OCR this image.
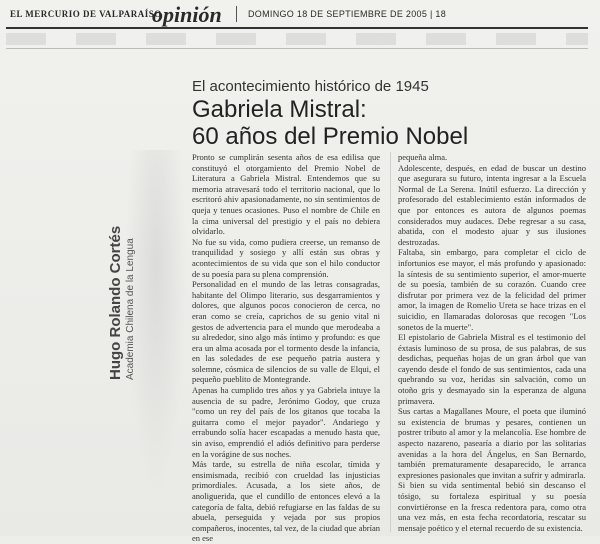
EL MERCURIO DE VALPARAÍSO
opinión	DOMINGO 18 DE SEPTIEMBRE DE 2005 | 18
El acontecimiento histórico de 1945
Gabriela Mistral:
60 años del Premio Nobel
Hugo Rolando Cortés Academia Chilena de la Lengua

Pronto se cumplirán sesenta años de esa edilisa que constituyó el otorgamiento del Premio Nobel de Literatura a Gabriela Mistral. Entendemos que su memoria atravesará todo el territorio nacional, que lo escritoró ahiv apasionadamente, no sin sentimientos de queja y tenues ocasiones. Puso el nombre de Chile en la cima universal del prestigio y el país no debiera olvidarlo.

No fue su vida, como pudiera creerse, un remanso de tranquilidad y sosiego y allí están sus obras y acontecimientos de su vida que son el hilo conductor de su poesía para su plena comprensión.

Personalidad en el mundo de las letras consagradas, habitante del Olimpo literario, sus desgarramientos y dolores, que algunos pocos conocieron de cerca, no eran como se creía, caprichos de su genio vital ni gestos de advertencia para el mundo que merodeaba a su alrededor, sino algo más íntimo y profundo: es que era un alma acosada por el tormento desde la infancia, en las soledades de ese pequeño patria austera y solemne, cósmica de silencios de su valle de Elqui, el pequeño pueblito de Montegrande.

Apenas ha cumplido tres años y ya Gabriela intuye la ausencia de su padre, Jerónimo Godoy, que cruza "como un rey del país de los gitanos que tocaba la guitarra como el mejor payador". Andariego y errabundo solía hacer escapadas a menudo hasta que, sin aviso, emprendió el adiós definitivo para perderse en la vorágine de sus noches.

Más tarde, su estrella de niña escolar, tímida y ensimismada, recibió con crueldad las injusticias primordiales. Acusada, a los siete años, de anoliguerida, que el cundillo de entonces elevó a la categoría de falta, debió refugiarse en las faldas de su abuela, perseguida y vejada por sus propios compañeros, inocentes, tal vez, de la ciudad que abrían en ese

pequeña alma.

Adolescente, después, en edad de buscar un destino que asegurara su futuro, intenta ingresar a la Escuela Normal de La Serena. Inútil esfuerzo. La dirección y profesorado del establecimiento están informados de que por entonces es autora de algunos poemas considerados muy audaces. Debe regresar a su casa, abatida, con el modesto ajuar y sus ilusiones destrozadas.

Faltaba, sin embargo, para completar el ciclo de infortunios ese mayor, el más profundo y apasionado: la síntesis de su sentimiento superior, el amor-muerte de su poesía, también de su corazón. Cuando cree disfrutar por primera vez de la felicidad del primer amor, la imagen de Romelio Ureta se hace trizas en el suicidio, en llamaradas dolorosas que recogen "Los sonetos de la muerte".

El epistolario de Gabriela Mistral es el testimonio del éxtasis luminoso de su prosa, de sus palabras, de sus desdichas, pequeñas hojas de un gran árbol que van cayendo desde el fondo de sus sentimientos, cada una quebrando su voz, heridas sin salvación, como un otoño gris y desmayado sin la esperanza de alguna primavera.

Sus cartas a Magallanes Moure, el poeta que iluminó su existencia de brumas y pesares, contienen un postrer tributo al amor y la melancolía. Ese hombre de aspecto nazareno, pasearía a diario por las solitarias avenidas a la hora del Ángelus, en San Bernardo, también prematuramente desaparecido, le arranca expresiones pasionales que invitan a sufrir y admirarla.

Si bien su vida sentimental bebió sin descanso el tósigo, su fortaleza espiritual y su poesía convirtiéronse en la fresca redentora para, como otra una vez más, en esta fecha recordatoria, rescatar su mensaje poético y el eternal recuerdo de su existencia.
